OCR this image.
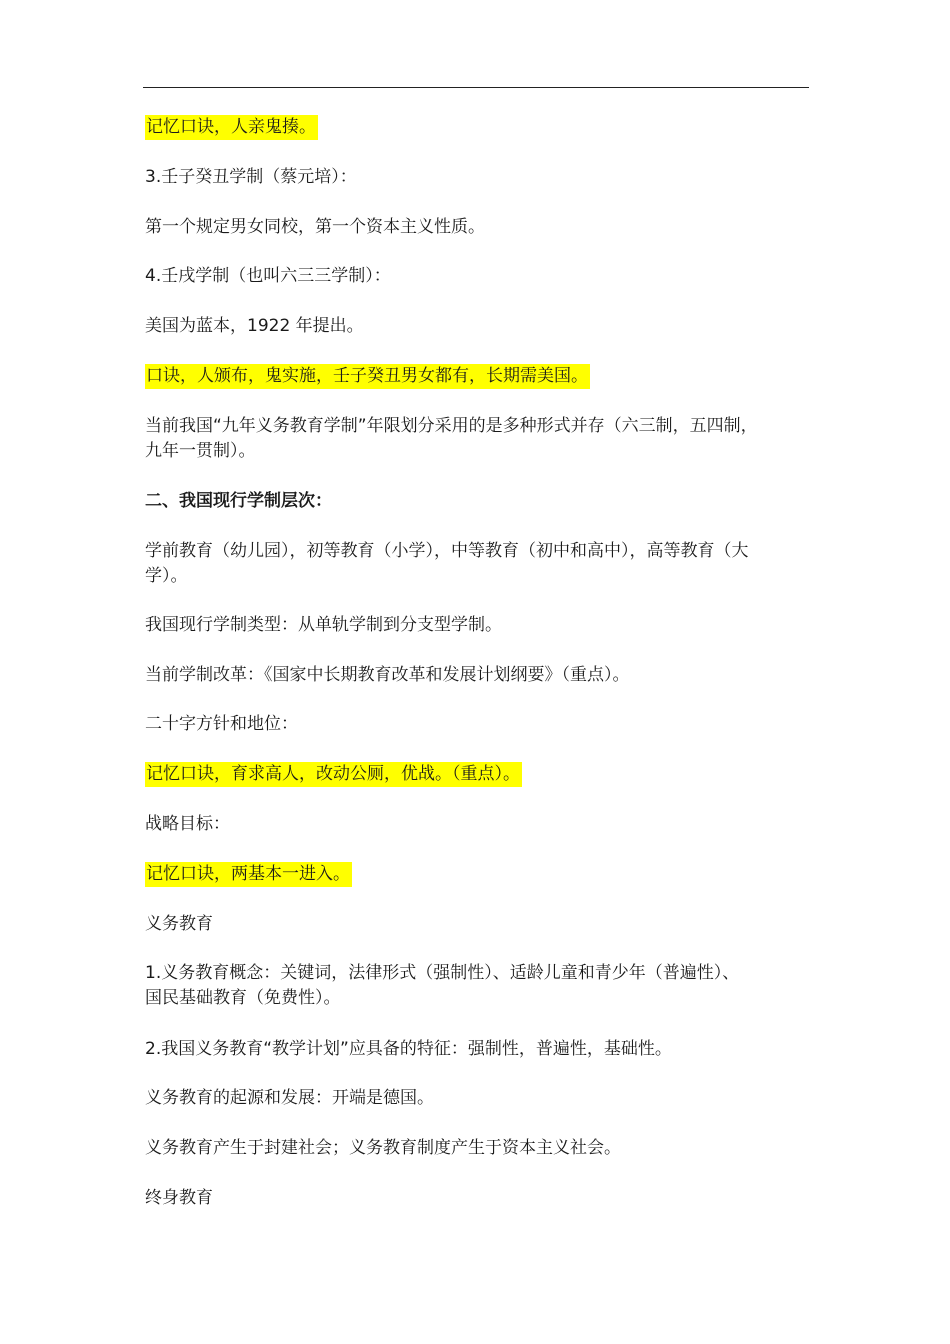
记忆口诀，人亲鬼揍。
3.壬子癸丑学制（蔡元培）：
第一个规定男女同校，第一个资本主义性质。
4.壬戌学制（也叫六三三学制）：
美国为蓝本，1922 年提出。
口诀，人颁布，鬼实施，壬子癸丑男女都有，长期需美国。
当前我国“九年义务教育学制”年限划分采用的是多种形式并存（六三制，五四制，
九年一贯制）。
二、我国现行学制层次：
学前教育（幼儿园），初等教育（小学），中等教育（初中和高中），高等教育（大
学）。
我国现行学制类型：从单轨学制到分支型学制。
当前学制改革：《国家中长期教育改革和发展计划纲要》（重点）。
二十字方针和地位：
记忆口诀，育求高人，改动公厕，优战。（重点）。
战略目标：
记忆口诀，两基本一进入。
义务教育
1.义务教育概念：关键词，法律形式（强制性）、适龄儿童和青少年（普遍性）、
国民基础教育（免费性）。
2.我国义务教育“教学计划”应具备的特征：强制性，普遍性，基础性。
义务教育的起源和发展：开端是德国。
义务教育产生于封建社会；义务教育制度产生于资本主义社会。
终身教育
